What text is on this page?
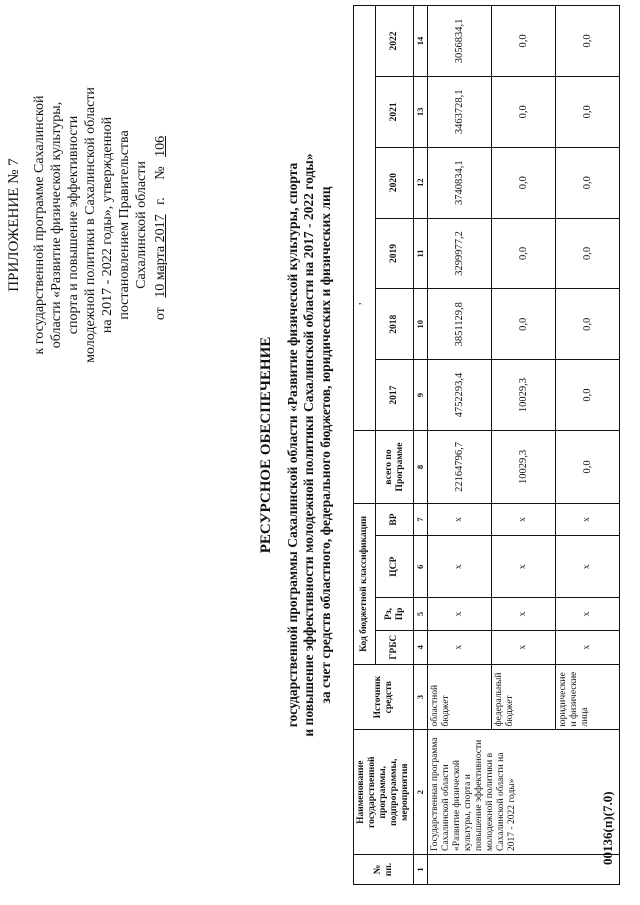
ПРИЛОЖЕНИЕ № 7 к государственной программе Сахалинской области «Развитие физической культуры, спорта и повышение эффективности молодежной политики в Сахалинской области на 2017 - 2022 годы», утвержденной постановлением Правительства Сахалинской области
от 10 марта 2017 г.     № 106
РЕСУРСНОЕ ОБЕСПЕЧЕНИЕ государственной программы Сахалинской области «Развитие физической культуры, спорта и повышение эффективности молодежной политики Сахалинской области на 2017 - 2022 годы» за счет средств областного, федерального бюджетов, юридических и физических лиц ,
№ пп.	Наименование государственной программы, подпрограммы, мероприятия	Источник средств	Код бюджетной классификации										
			ГРБС	Рз, Пр	ЦСР	ВР	всего по Программе	2017	2018	2019	2020	2021	2022
1	2	3	4	5	6	7	8	9	10	11	12	13	14
	Государственная программа Сахалинской области «Развитие физической культуры, спорта и повышение эффективности молодежной политики в Сахалинской области на 2017 - 2022 годы»	областной бюджет	x	x	x	x	22164796,7	4752293,4	3851129,8	3299977,2	3740834,1	3463728,1	3056834,1
		федеральный бюджет	x	x	x	x	10029,3	10029,3	0,0	0,0	0,0	0,0	0,0
		юридические и физические лица	x	x	x	x	0,0	0,0	0,0	0,0	0,0	0,0	0,0
00136(п)(7.0)
